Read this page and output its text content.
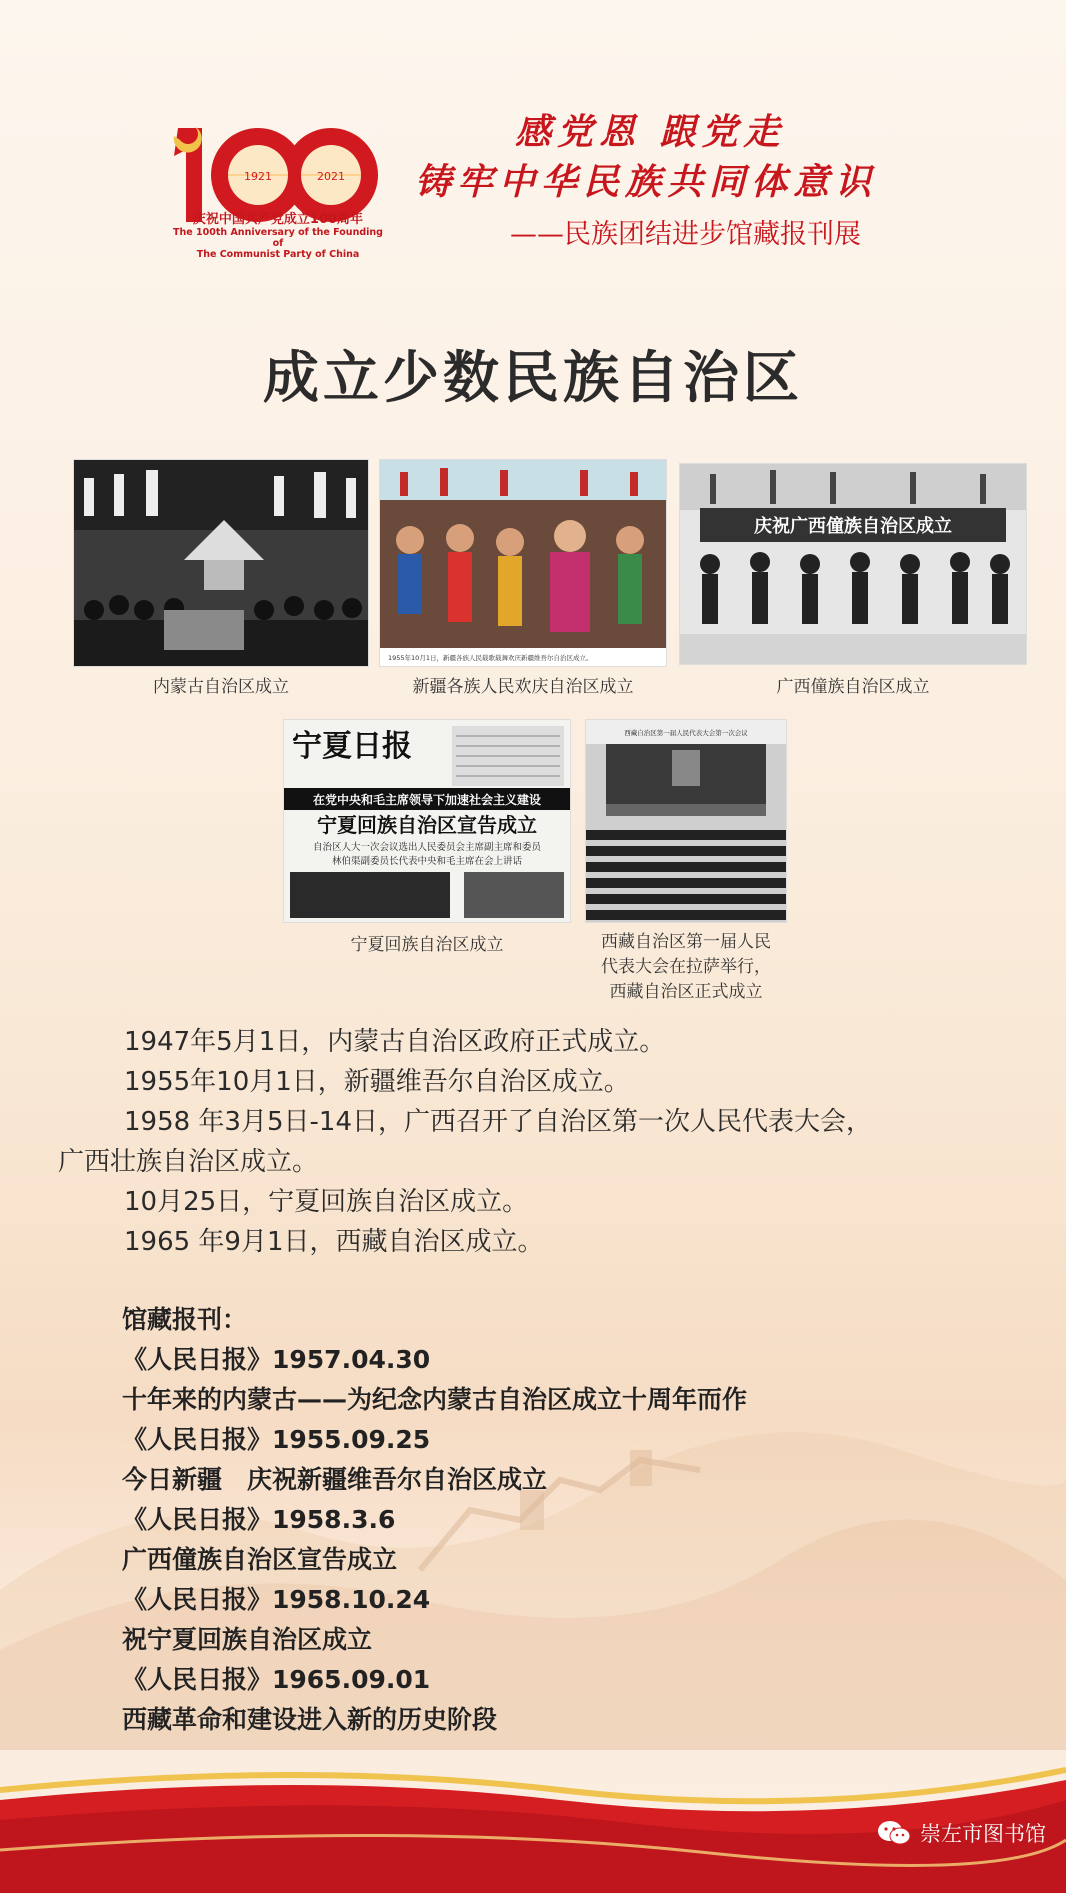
1921	2021
庆祝中国共产党成立100周年
The 100th Anniversary of the Founding of
The Communist Party of China
感党恩 跟党走
铸牢中华民族共同体意识
——民族团结进步馆藏报刊展
成立少数民族自治区
内蒙古自治区成立
1955年10月1日，新疆各族人民载歌载舞欢庆新疆维吾尔自治区成立。
新疆各族人民欢庆自治区成立
庆祝广西僮族自治区成立
广西僮族自治区成立
宁夏日报
在党中央和毛主席领导下加速社会主义建设
宁夏回族自治区宣告成立
自治区人大一次会议选出人民委员会主席副主席和委员
林伯渠副委员长代表中央和毛主席在会上讲话
宁夏回族自治区成立
西藏自治区第一届人民代表大会第一次会议
西藏自治区第一届人民
代表大会在拉萨举行，
西藏自治区正式成立

1947年5月1日，内蒙古自治区政府正式成立。

1955年10月1日，新疆维吾尔自治区成立。

1958 年3月5日-14日，广西召开了自治区第一次人民代表大会，

广西壮族自治区成立。

10月25日，宁夏回族自治区成立。

1965 年9月1日，西藏自治区成立。

馆藏报刊：
《人民日报》1957.04.30
十年来的内蒙古——为纪念内蒙古自治区成立十周年而作
《人民日报》1955.09.25
今日新疆　庆祝新疆维吾尔自治区成立
《人民日报》1958.3.6
广西僮族自治区宣告成立
《人民日报》1958.10.24
祝宁夏回族自治区成立
《人民日报》1965.09.01
西藏革命和建设进入新的历史阶段
崇左市图书馆
